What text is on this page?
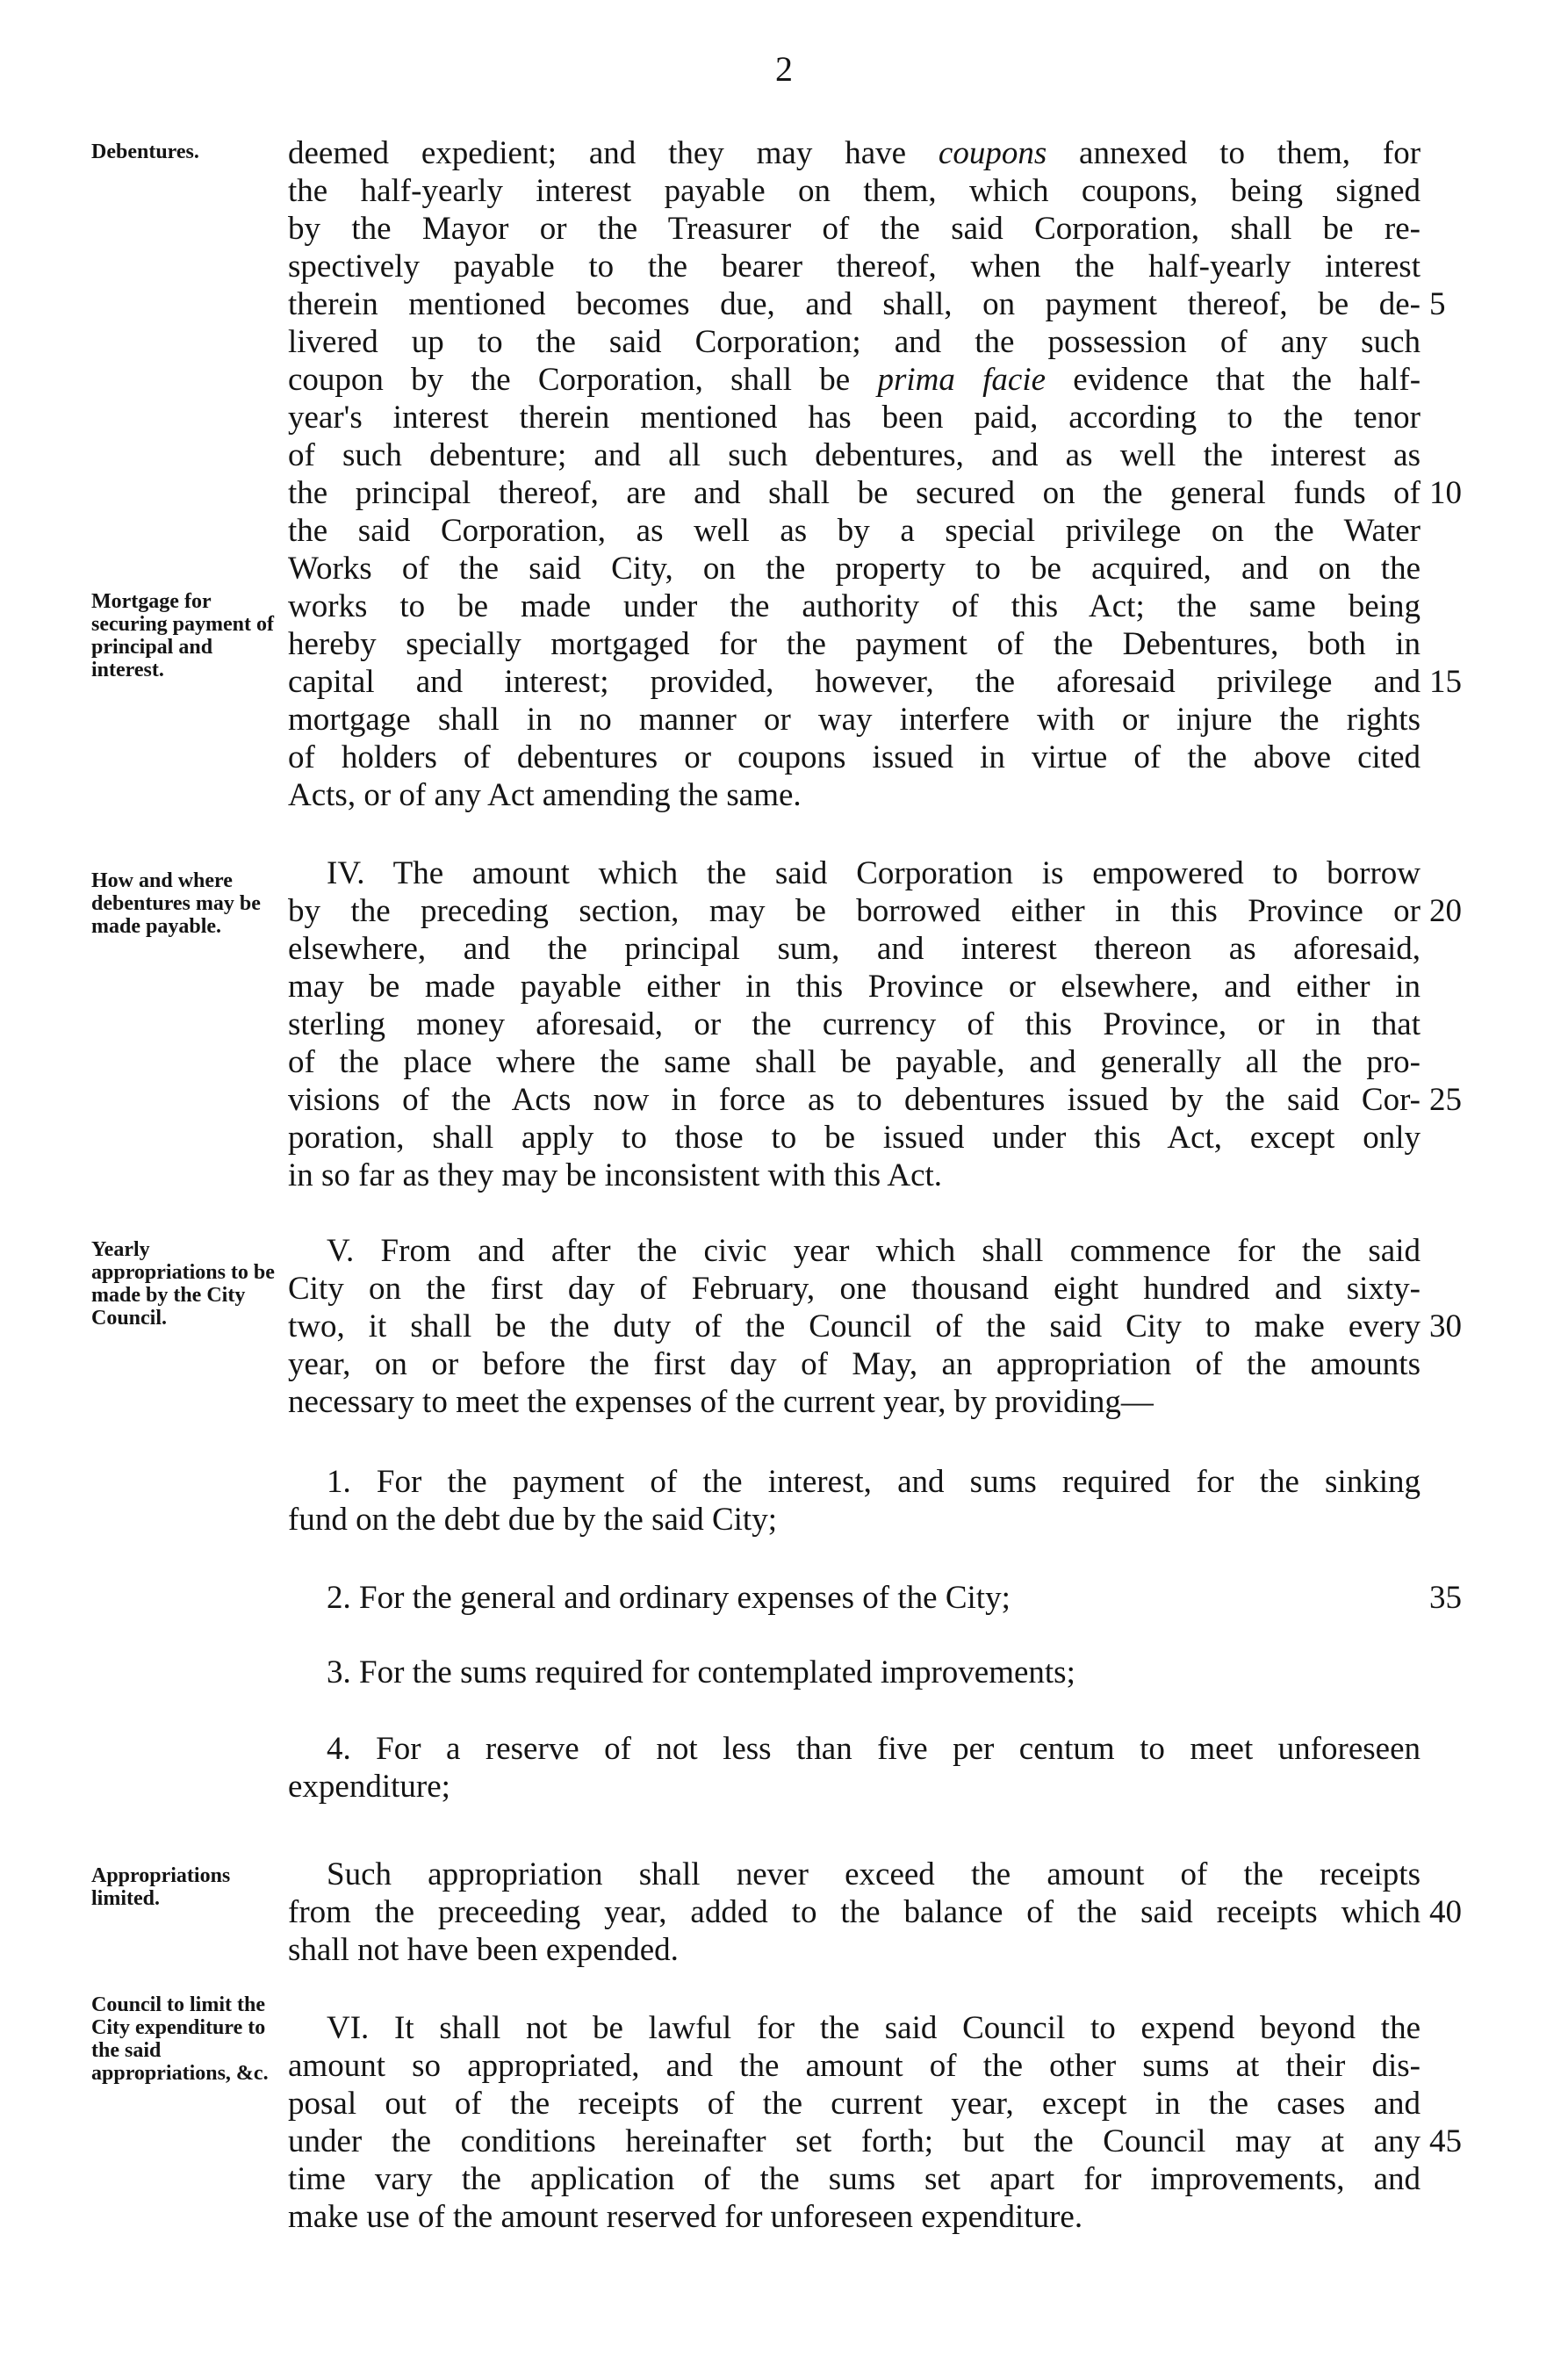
2
Debentures.
Mortgage for securing payment of principal and interest.
How and where debentures may be made payable.
Yearly appropriations to be made by the City Council.
Appropriations limited.
Council to limit the City expenditure to the said appropriations, &c.
deemed expedient; and they may have coupons annexed to them, for
the half-yearly interest payable on them, which coupons, being signed
by the Mayor or the Treasurer of the said Corporation, shall be re-
spectively payable to the bearer thereof, when the half-yearly interest
therein mentioned becomes due, and shall, on payment thereof, be de-
livered up to the said Corporation; and the possession of any such
coupon by the Corporation, shall be prima facie evidence that the half-
year's interest therein mentioned has been paid, according to the tenor
of such debenture; and all such debentures, and as well the interest as
the principal thereof, are and shall be secured on the general funds of
the said Corporation, as well as by a special privilege on the Water
Works of the said City, on the property to be acquired, and on the
works to be made under the authority of this Act; the same being
hereby specially mortgaged for the payment of the Debentures, both in
capital and interest; provided, however, the aforesaid privilege and
mortgage shall in no manner or way interfere with or injure the rights
of holders of debentures or coupons issued in virtue of the above cited
Acts, or of any Act amending the same.
IV. The amount which the said Corporation is empowered to borrow
by the preceding section, may be borrowed either in this Province or
elsewhere, and the principal sum, and interest thereon as aforesaid,
may be made payable either in this Province or elsewhere, and either in
sterling money aforesaid, or the currency of this Province, or in that
of the place where the same shall be payable, and generally all the pro-
visions of the Acts now in force as to debentures issued by the said Cor-
poration, shall apply to those to be issued under this Act, except only
in so far as they may be inconsistent with this Act.
V. From and after the civic year which shall commence for the said
City on the first day of February, one thousand eight hundred and sixty-
two, it shall be the duty of the Council of the said City to make every
year, on or before the first day of May, an appropriation of the amounts
necessary to meet the expenses of the current year, by providing—
1. For the payment of the interest, and sums required for the sinking
fund on the debt due by the said City;
2. For the general and ordinary expenses of the City;
3. For the sums required for contemplated improvements;
4. For a reserve of not less than five per centum to meet unforeseen
expenditure;
Such appropriation shall never exceed the amount of the receipts
from the preceeding year, added to the balance of the said receipts which
shall not have been expended.
VI. It shall not be lawful for the said Council to expend beyond the
amount so appropriated, and the amount of the other sums at their dis-
posal out of the receipts of the current year, except in the cases and
under the conditions hereinafter set forth; but the Council may at any
time vary the application of the sums set apart for improvements, and
make use of the amount reserved for unforeseen expenditure.
5
10
15
20
25
30
35
40
45
